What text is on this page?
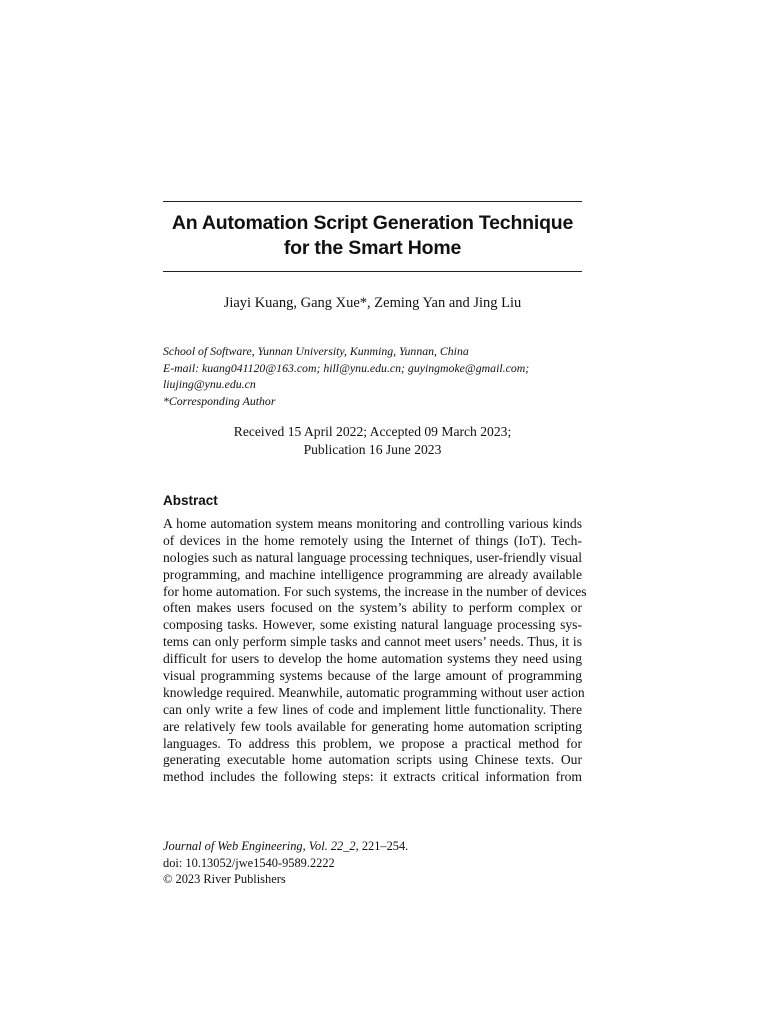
An Automation Script Generation Technique
for the Smart Home
Jiayi Kuang, Gang Xue*, Zeming Yan and Jing Liu
School of Software, Yunnan University, Kunming, Yunnan, China
E-mail: kuang041120@163.com; hill@ynu.edu.cn; guyingmoke@gmail.com;
liujing@ynu.edu.cn
*Corresponding Author
Received 15 April 2022; Accepted 09 March 2023;
Publication 16 June 2023
Abstract
A home automation system means monitoring and controlling various kinds
of devices in the home remotely using the Internet of things (IoT). Tech-
nologies such as natural language processing techniques, user-friendly visual
programming, and machine intelligence programming are already available
for home automation. For such systems, the increase in the number of devices
often makes users focused on the system’s ability to perform complex or
composing tasks. However, some existing natural language processing sys-
tems can only perform simple tasks and cannot meet users’ needs. Thus, it is
difficult for users to develop the home automation systems they need using
visual programming systems because of the large amount of programming
knowledge required. Meanwhile, automatic programming without user action
can only write a few lines of code and implement little functionality. There
are relatively few tools available for generating home automation scripting
languages. To address this problem, we propose a practical method for
generating executable home automation scripts using Chinese texts. Our
method includes the following steps: it extracts critical information from
Journal of Web Engineering, Vol. 22_2, 221–254.
doi: 10.13052/jwe1540-9589.2222
© 2023 River Publishers
